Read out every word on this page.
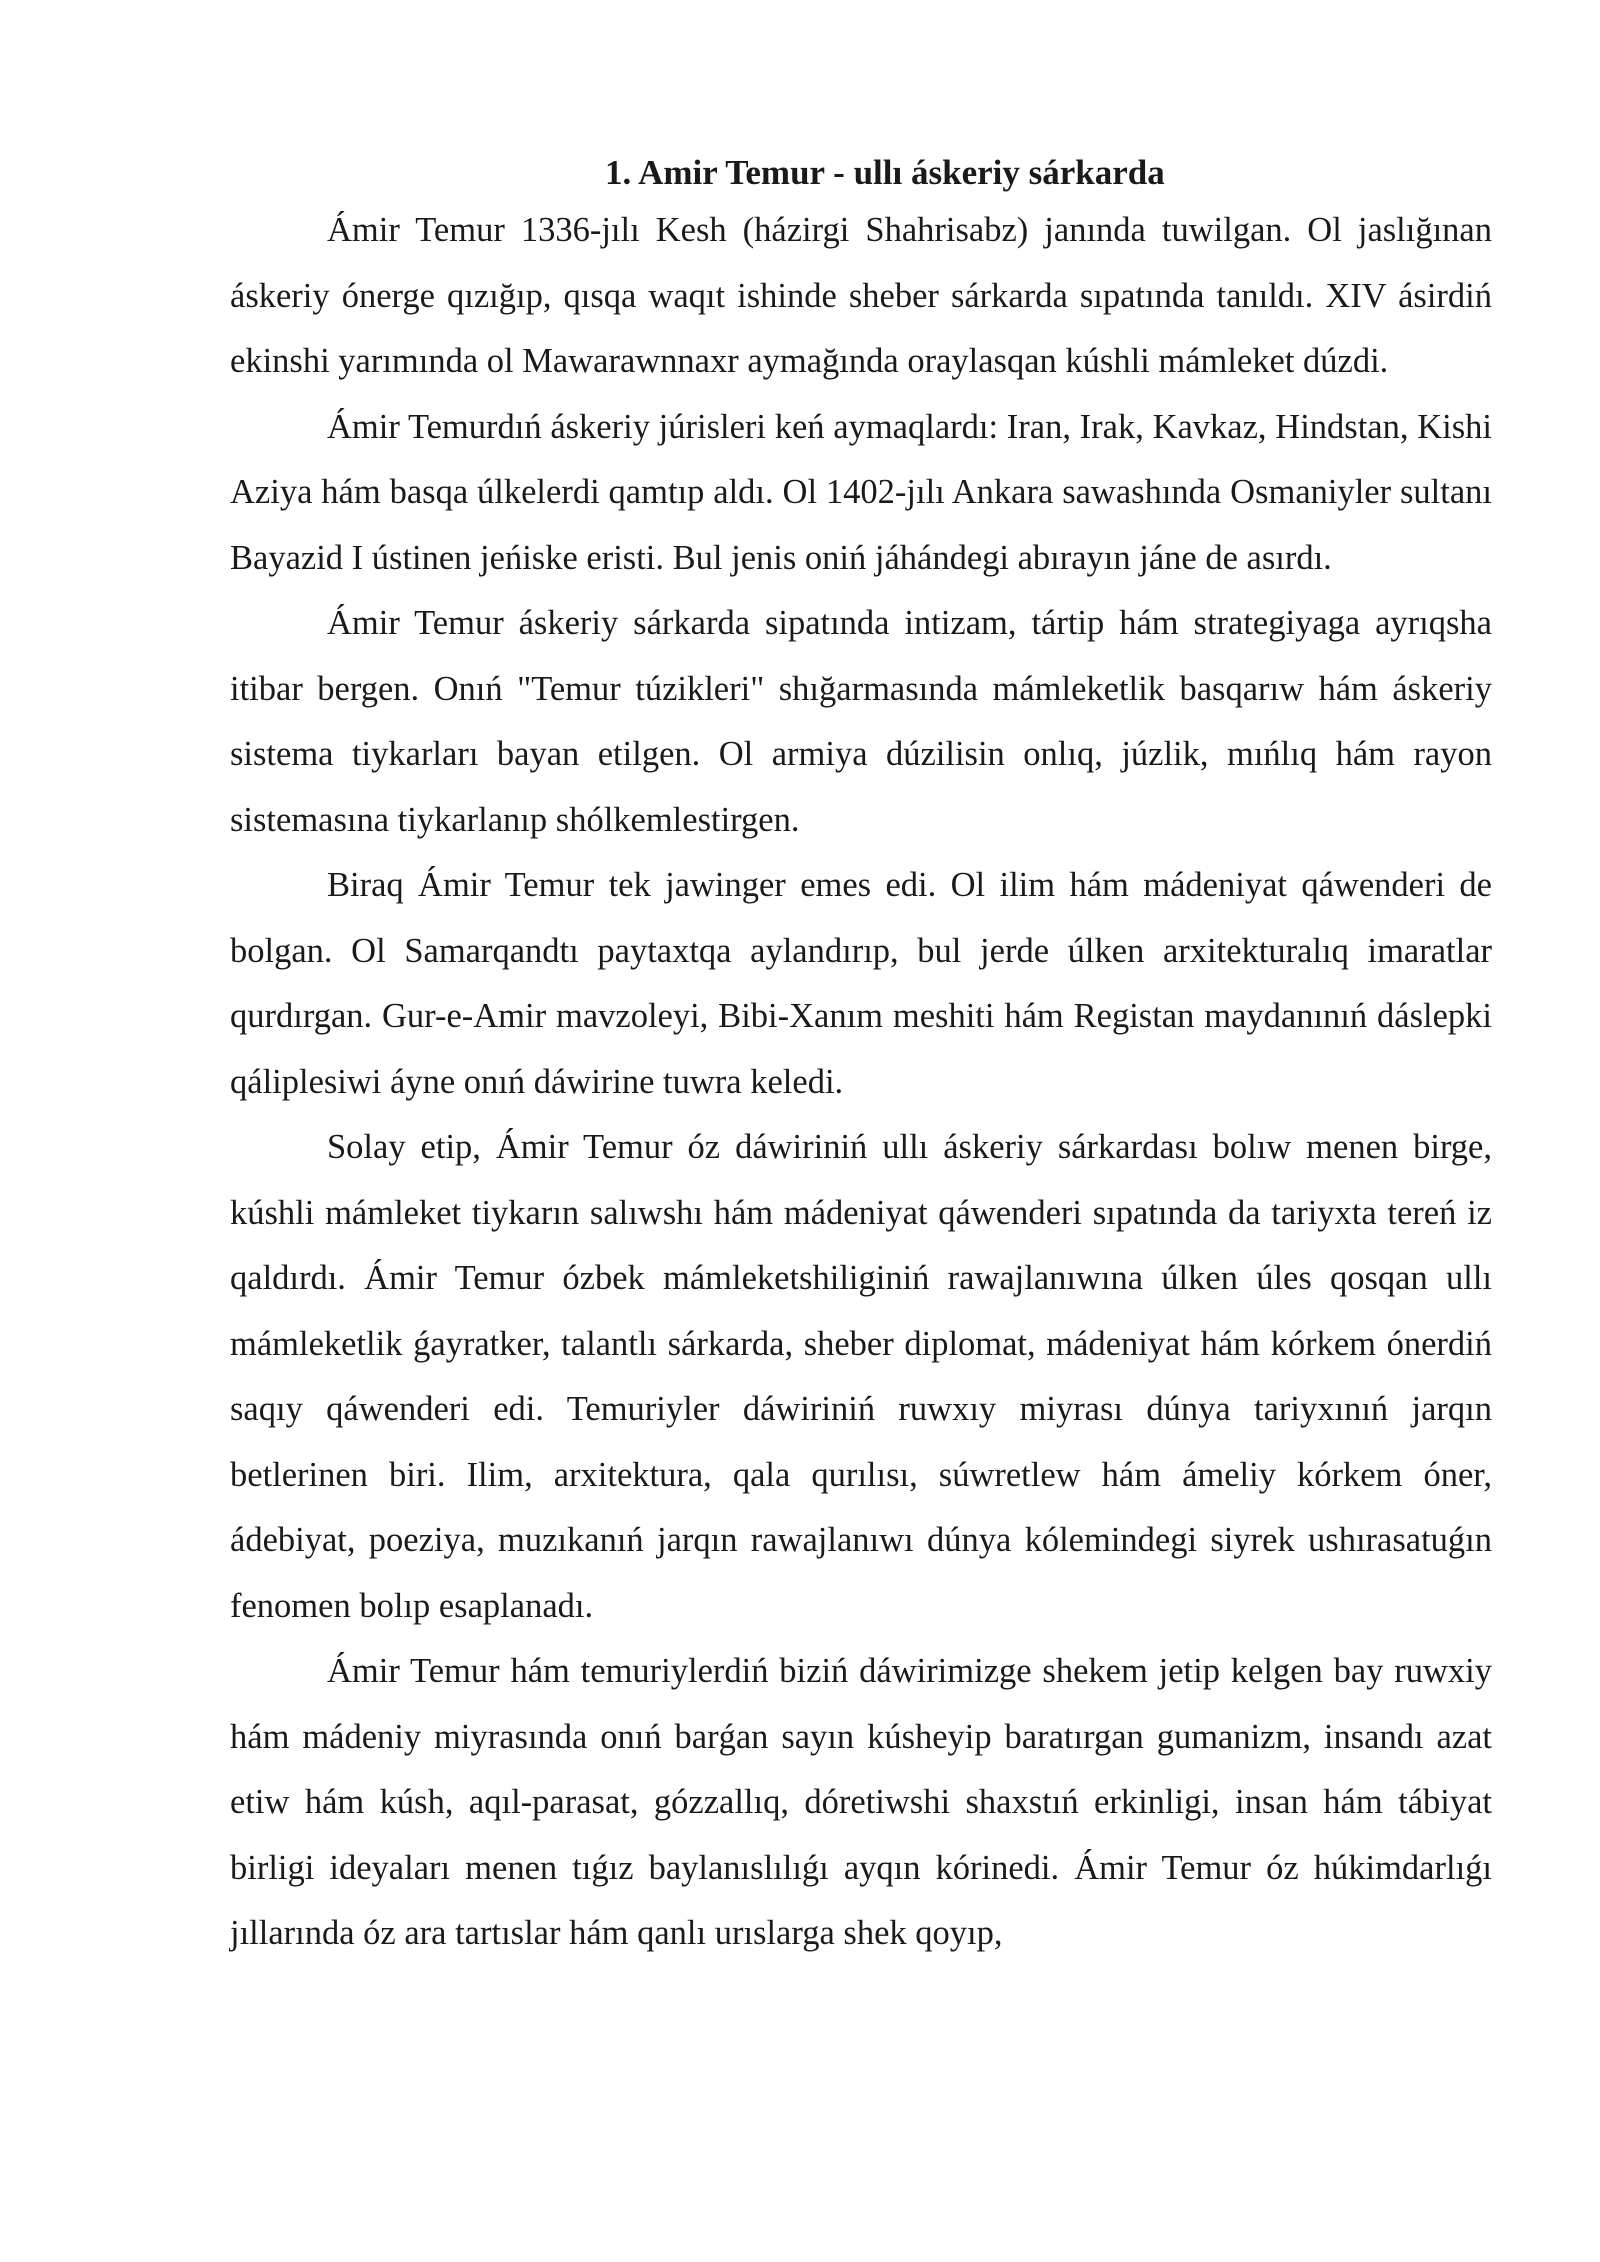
1. Amir Temur - ullı áskeriy sárkarda

Ámir Temur 1336-jılı Kesh (házirgi Shahrisabz) janında tuwilgan. Ol jaslığınan áskeriy ónerge qızığıp, qısqa waqıt ishinde sheber sárkarda sıpatında tanıldı. XIV ásirdiń ekinshi yarımında ol Mawarawnnaxr aymağında oraylasqan kúshli mámleket dúzdi.

Ámir Temurdıń áskeriy júrisleri keń aymaqlardı: Iran, Irak, Kavkaz, Hindstan, Kishi Aziya hám basqa úlkelerdi qamtıp aldı. Ol 1402-jılı Ankara sawashında Osmaniyler sultanı Bayazid I ústinen jeńiske eristi. Bul jenis oniń jáhándegi abırayın jáne de asırdı.

Ámir Temur áskeriy sárkarda sipatında intizam, tártip hám strategiyaga ayrıqsha itibar bergen. Onıń "Temur túzikleri" shığarmasında mámleketlik basqarıw hám áskeriy sistema tiykarları bayan etilgen. Ol armiya dúzilisin onlıq, júzlik, mıńlıq hám rayon sistemasına tiykarlanıp shólkemlestirgen.

Biraq Ámir Temur tek jawinger emes edi. Ol ilim hám mádeniyat qáwenderi de bolgan. Ol Samarqandtı paytaxtqa aylandırıp, bul jerde úlken arxitekturalıq imaratlar qurdırgan. Gur-e-Amir mavzoleyi, Bibi-Xanım meshiti hám Registan maydanınıń dáslepki qáliplesiwi áyne onıń dáwirine tuwra keledi.

Solay etip, Ámir Temur óz dáwiriniń ullı áskeriy sárkardası bolıw menen birge, kúshli mámleket tiykarın salıwshı hám mádeniyat qáwenderi sıpatında da tariyxta tereń iz qaldırdı. Ámir Temur ózbek mámleketshiliginiń rawajlanıwına úlken úles qosqan ullı mámleketlik ǵayratker, talantlı sárkarda, sheber diplomat, mádeniyat hám kórkem ónerdiń saqıy qáwenderi edi. Temuriyler dáwiriniń ruwxıy miyrası dúnya tariyxınıń jarqın betlerinen biri. Ilim, arxitektura, qala qurılısı, súwretlew hám ámeliy kórkem óner, ádebiyat, poeziya, muzıkanıń jarqın rawajlanıwı dúnya kólemindegi siyrek ushırasatuǵın fenomen bolıp esaplanadı.

Ámir Temur hám temuriylerdiń biziń dáwirimizge shekem jetip kelgen bay ruwxiy hám mádeniy miyrasında onıń barǵan sayın kúsheyip baratırgan gumanizm, insandı azat etiw hám kúsh, aqıl-parasat, gózzallıq, dóretiwshi shaxstıń erkinligi, insan hám tábiyat birligi ideyaları menen tıǵız baylanıslılıǵı ayqın kórinedi. Ámir Temur óz húkimdarlıǵı jıllarında óz ara tartıslar hám qanlı urıslarga shek qoyıp,
